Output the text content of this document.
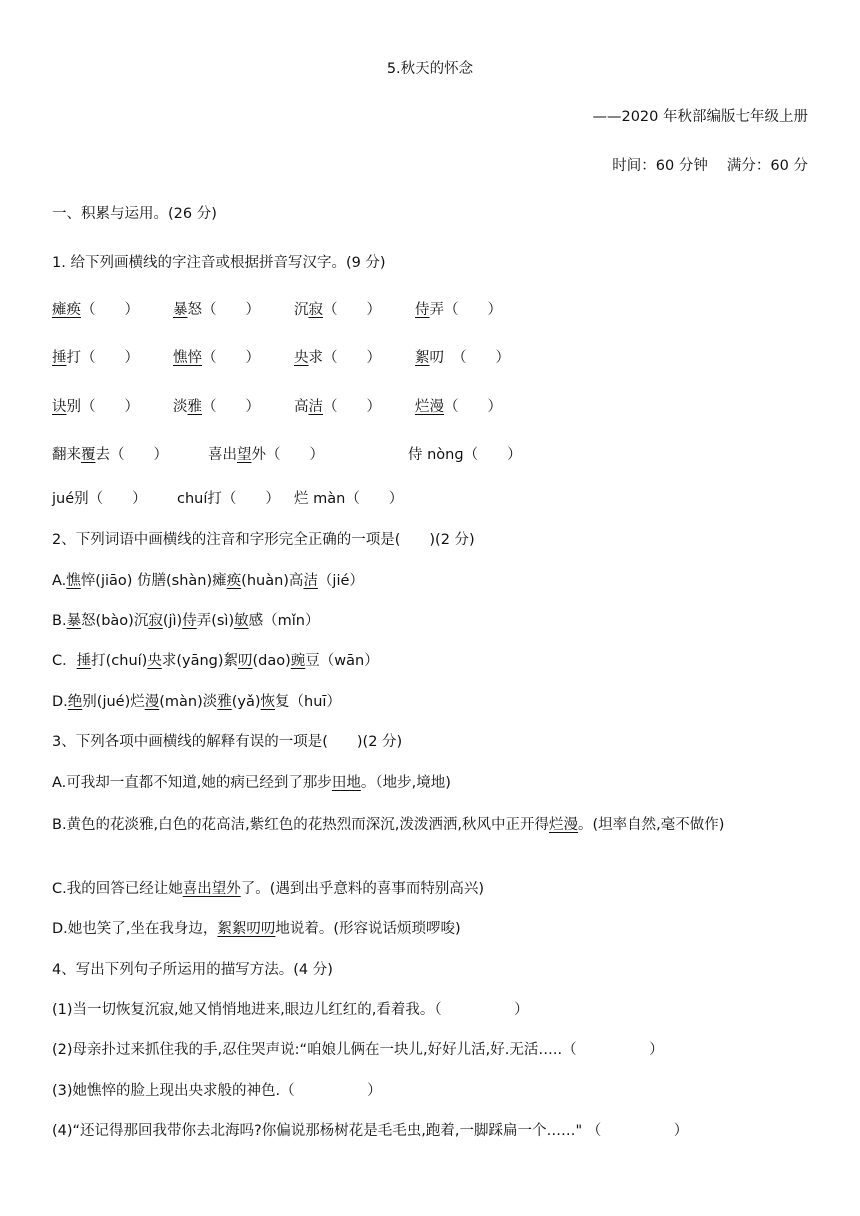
5.秋天的怀念
——2020 年秋部编版七年级上册
时间：60 分钟　 满分：60 分
一、积累与运用。(26 分)
1. 给下列画横线的字注音或根据拼音写汉字。(9 分)
瘫痪（　　） 暴怒（　　） 沉寂（　　） 侍弄（　　）
捶打（　　） 憔悴（　　） 央求（　　） 絮叨 （　　）
诀别（　　） 淡雅（　　） 高洁（　　） 烂漫（　　）
翻来覆去（　　）	喜出望外（　　）	侍 nònɡ（　　）
jué别（　　） chuí打（　　） 烂 màn（　　）
2、下列词语中画横线的注音和字形完全正确的一项是(　　)(2 分)
A.憔悴(jiāo) 仿膳(shàn)瘫痪(huàn)高洁（jié）
B.暴怒(bào)沉寂(jì)侍弄(sì)敏感（mǐn）
C．捶打(chuí)央求(yāng)絮叨(dao)豌豆（wān）
D.绝别(jué)烂漫(màn)淡雅(yǎ)恢复（huī）
3、下列各项中画横线的解释有误的一项是(　　)(2 分)
A.可我却一直都不知道,她的病已经到了那步田地。（地步,境地)
B.黄色的花淡雅,白色的花高洁,紫红色的花热烈而深沉,泼泼洒洒,秋风中正开得烂漫。(坦率自然,毫不做作)
C.我的回答已经让她喜出望外了。(遇到出乎意料的喜事而特别高兴)
D.她也笑了,坐在我身边，絮絮叨叨地说着。(形容说话烦琐啰唆)
4、写出下列句子所运用的描写方法。(4 分)
(1)当一切恢复沉寂,她又悄悄地进来,眼边儿红红的,看着我。（　　　　　）
(2)母亲扑过来抓住我的手,忍住哭声说:“咱娘儿俩在一块儿,好好儿活,好.无活…..（　　　　　）
(3)她憔悴的脸上现出央求般的神色.（　　　　　）
(4)“还记得那回我带你去北海吗?你偏说那杨树花是毛毛虫,跑着,一脚踩扁一个……" （　　　　　）
